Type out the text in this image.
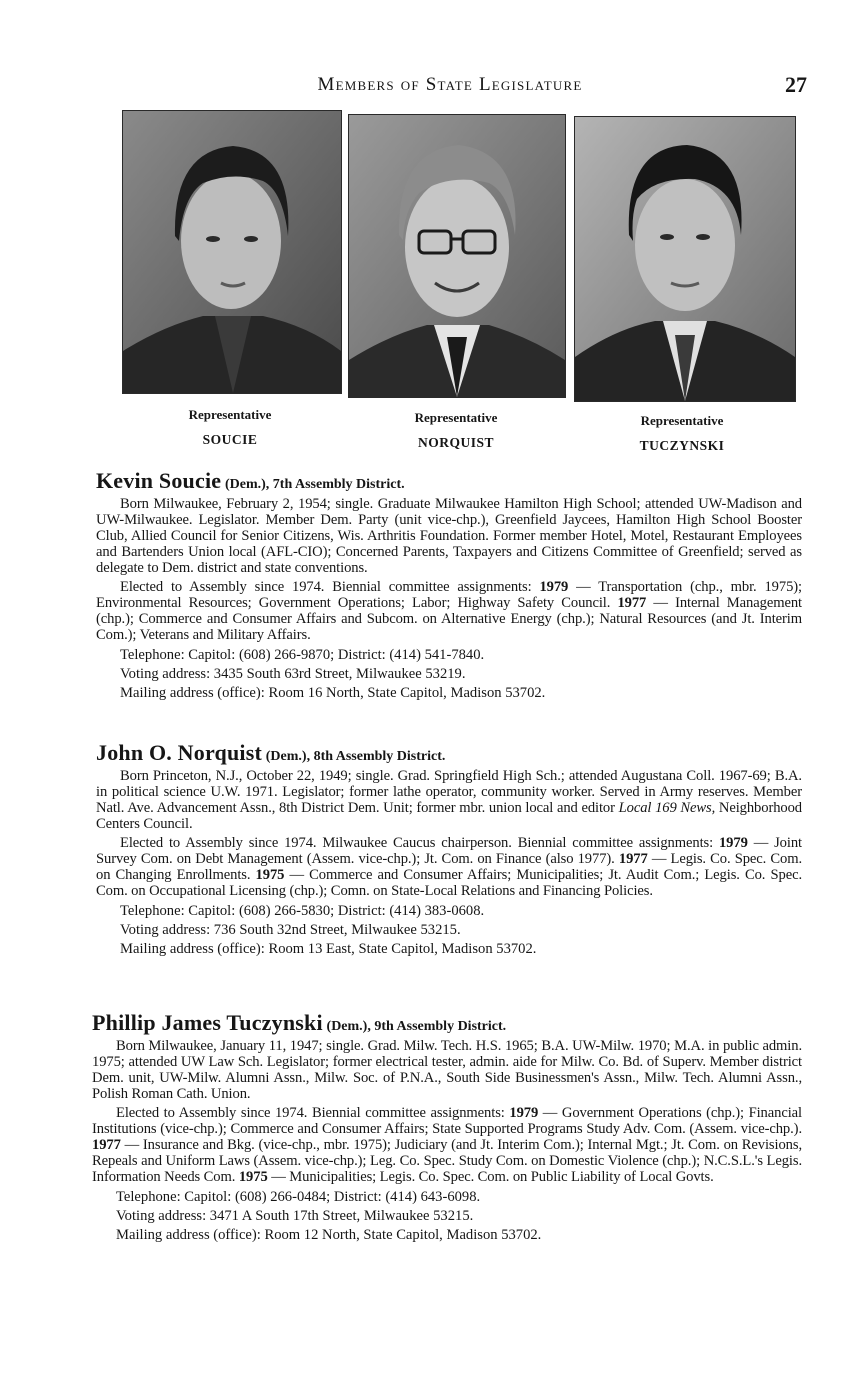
Members of State Legislature	27
Representative
SOUCIE
Representative
NORQUIST
Representative
TUCZYNSKI
Kevin Soucie (Dem.), 7th Assembly District.

Born Milwaukee, February 2, 1954; single. Graduate Milwaukee Hamilton High School; attended UW-Madison and UW-Milwaukee. Legislator. Member Dem. Party (unit vice-chp.), Greenfield Jaycees, Hamilton High School Booster Club, Allied Council for Senior Citizens, Wis. Arthritis Foundation. Former member Hotel, Motel, Restaurant Employees and Bartenders Union local (AFL-CIO); Concerned Parents, Taxpayers and Citizens Committee of Greenfield; served as delegate to Dem. district and state conventions.

Elected to Assembly since 1974. Biennial committee assignments: 1979 — Transportation (chp., mbr. 1975); Environmental Resources; Government Operations; Labor; Highway Safety Council. 1977 — Internal Management (chp.); Commerce and Consumer Affairs and Subcom. on Alternative Energy (chp.); Natural Resources (and Jt. Interim Com.); Veterans and Military Affairs.

Telephone: Capitol: (608) 266-9870; District: (414) 541-7840.

Voting address: 3435 South 63rd Street, Milwaukee 53219.

Mailing address (office): Room 16 North, State Capitol, Madison 53702.

John O. Norquist (Dem.), 8th Assembly District.

Born Princeton, N.J., October 22, 1949; single. Grad. Springfield High Sch.; attended Augustana Coll. 1967-69; B.A. in political science U.W. 1971. Legislator; former lathe operator, community worker. Served in Army reserves. Member Natl. Ave. Advancement Assn., 8th District Dem. Unit; former mbr. union local and editor Local 169 News, Neighborhood Centers Council.

Elected to Assembly since 1974. Milwaukee Caucus chairperson. Biennial committee assignments: 1979 — Joint Survey Com. on Debt Management (Assem. vice-chp.); Jt. Com. on Finance (also 1977). 1977 — Legis. Co. Spec. Com. on Changing Enrollments. 1975 — Commerce and Consumer Affairs; Municipalities; Jt. Audit Com.; Legis. Co. Spec. Com. on Occupational Licensing (chp.); Comn. on State-Local Relations and Financing Policies.

Telephone: Capitol: (608) 266-5830; District: (414) 383-0608.

Voting address: 736 South 32nd Street, Milwaukee 53215.

Mailing address (office): Room 13 East, State Capitol, Madison 53702.

Phillip James Tuczynski (Dem.), 9th Assembly District.

Born Milwaukee, January 11, 1947; single. Grad. Milw. Tech. H.S. 1965; B.A. UW-Milw. 1970; M.A. in public admin. 1975; attended UW Law Sch. Legislator; former electrical tester, admin. aide for Milw. Co. Bd. of Superv. Member district Dem. unit, UW-Milw. Alumni Assn., Milw. Soc. of P.N.A., South Side Businessmen's Assn., Milw. Tech. Alumni Assn., Polish Roman Cath. Union.

Elected to Assembly since 1974. Biennial committee assignments: 1979 — Government Operations (chp.); Financial Institutions (vice-chp.); Commerce and Consumer Affairs; State Supported Programs Study Adv. Com. (Assem. vice-chp.). 1977 — Insurance and Bkg. (vice-chp., mbr. 1975); Judiciary (and Jt. Interim Com.); Internal Mgt.; Jt. Com. on Revisions, Repeals and Uniform Laws (Assem. vice-chp.); Leg. Co. Spec. Study Com. on Domestic Violence (chp.); N.C.S.L.'s Legis. Information Needs Com. 1975 — Municipalities; Legis. Co. Spec. Com. on Public Liability of Local Govts.

Telephone: Capitol: (608) 266-0484; District: (414) 643-6098.

Voting address: 3471 A South 17th Street, Milwaukee 53215.

Mailing address (office): Room 12 North, State Capitol, Madison 53702.
